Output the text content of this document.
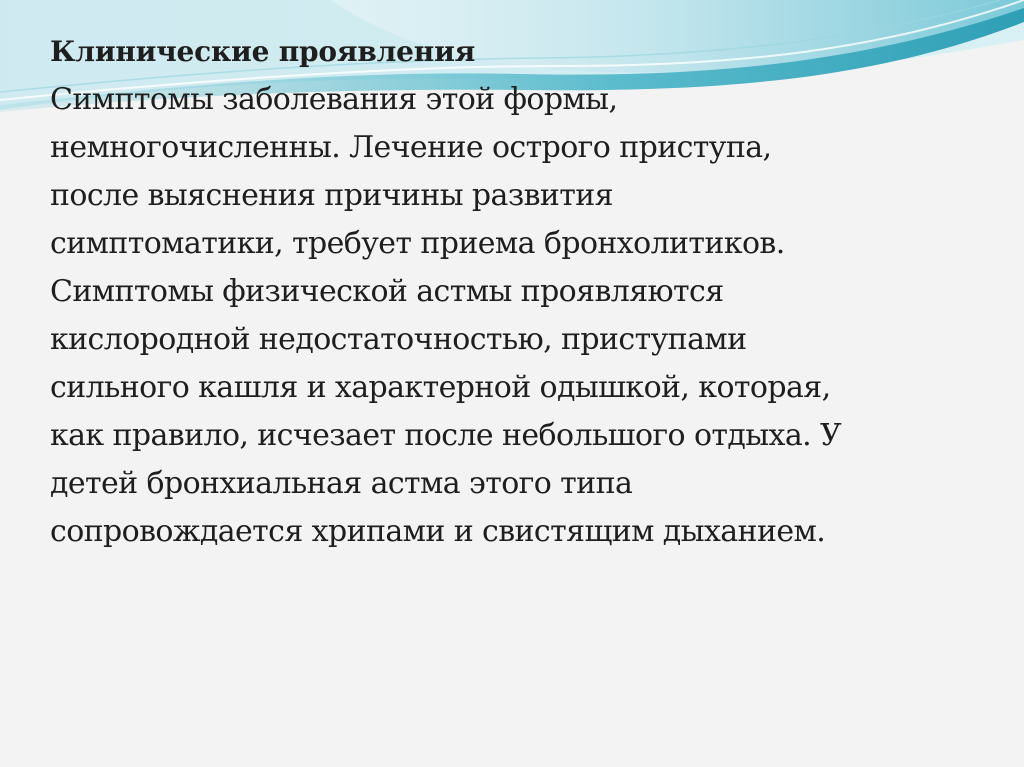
Клинические проявления
Симптомы заболевания этой формы,
немногочисленны. Лечение острого приступа,
после выяснения причины развития
симптоматики, требует приема бронхолитиков.
Симптомы физической астмы проявляются
кислородной недостаточностью, приступами
сильного кашля и характерной одышкой, которая,
как правило, исчезает после небольшого отдыха. У
детей бронхиальная астма этого типа
сопровождается хрипами и свистящим дыханием.
